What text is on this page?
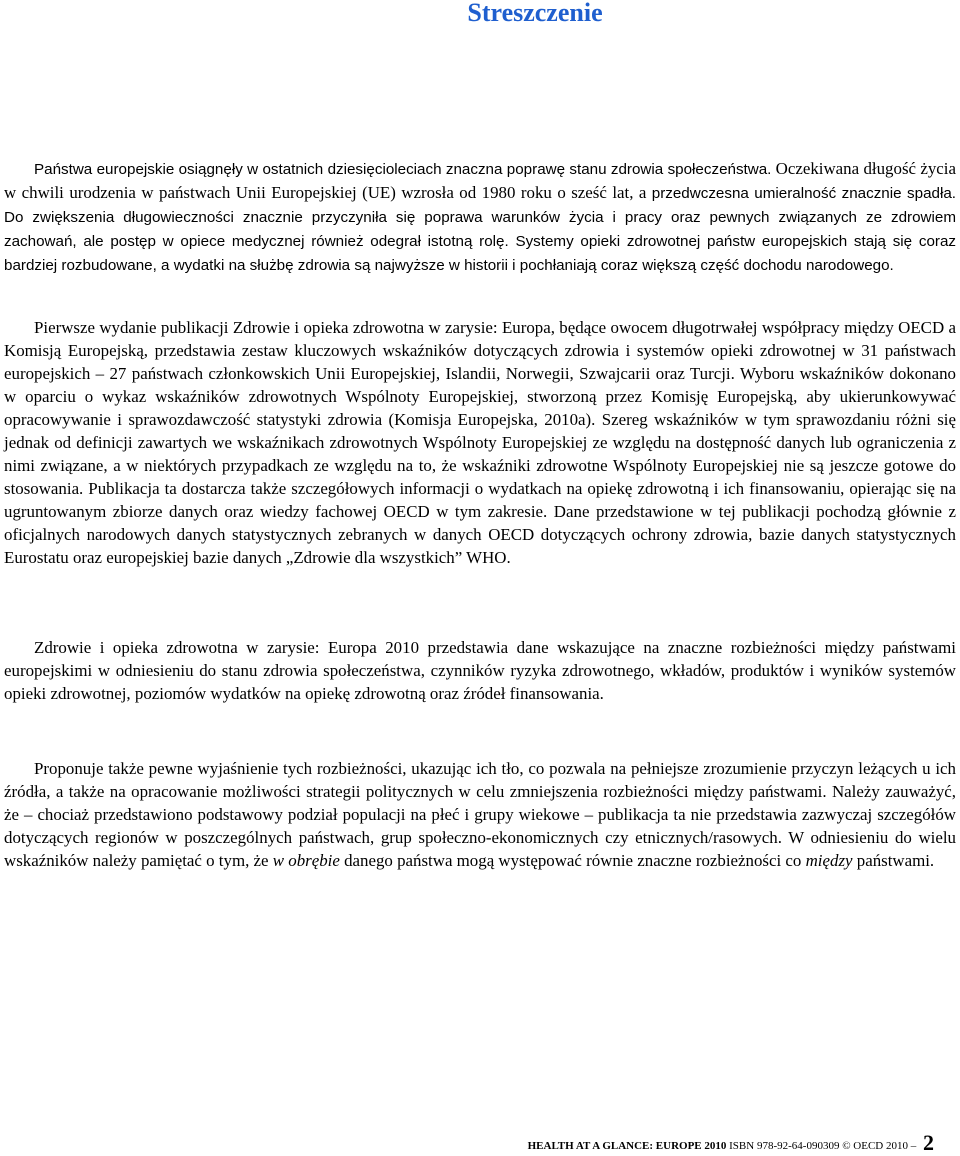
Streszczenie

Państwa europejskie osiągnęły w ostatnich dziesięcioleciach znaczna poprawę stanu zdrowia społeczeństwa. Oczekiwana długość życia w chwili urodzenia w państwach Unii Europejskiej (UE) wzrosła od 1980 roku o sześć lat, a przedwczesna umieralność znacznie spadła. Do zwiększenia długowieczności znacznie przyczyniła się poprawa warunków życia i pracy oraz pewnych związanych ze zdrowiem zachowań, ale postęp w opiece medycznej również odegrał istotną rolę. Systemy opieki zdrowotnej państw europejskich stają się coraz bardziej rozbudowane, a wydatki na służbę zdrowia są najwyższe w historii i pochłaniają coraz większą część dochodu narodowego.

Pierwsze wydanie publikacji Zdrowie i opieka zdrowotna w zarysie: Europa, będące owocem długotrwałej współpracy między OECD a Komisją Europejską, przedstawia zestaw kluczowych wskaźników dotyczących zdrowia i systemów opieki zdrowotnej w 31 państwach europejskich – 27 państwach członkowskich Unii Europejskiej, Islandii, Norwegii, Szwajcarii oraz Turcji. Wyboru wskaźników dokonano w oparciu o wykaz wskaźników zdrowotnych Wspólnoty Europejskiej, stworzoną przez Komisję Europejską, aby ukierunkowywać opracowywanie i sprawozdawczość statystyki zdrowia (Komisja Europejska, 2010a). Szereg wskaźników w tym sprawozdaniu różni się jednak od definicji zawartych we wskaźnikach zdrowotnych Wspólnoty Europejskiej ze względu na dostępność danych lub ograniczenia z nimi związane, a w niektórych przypadkach ze względu na to, że wskaźniki zdrowotne Wspólnoty Europejskiej nie są jeszcze gotowe do stosowania. Publikacja ta dostarcza także szczegółowych informacji o wydatkach na opiekę zdrowotną i ich finansowaniu, opierając się na ugruntowanym zbiorze danych oraz wiedzy fachowej OECD w tym zakresie. Dane przedstawione w tej publikacji pochodzą głównie z oficjalnych narodowych danych statystycznych zebranych w danych OECD dotyczących ochrony zdrowia, bazie danych statystycznych Eurostatu oraz europejskiej bazie danych „Zdrowie dla wszystkich” WHO.

Zdrowie i opieka zdrowotna w zarysie: Europa 2010 przedstawia dane wskazujące na znaczne rozbieżności między państwami europejskimi w odniesieniu do stanu zdrowia społeczeństwa, czynników ryzyka zdrowotnego, wkładów, produktów i wyników systemów opieki zdrowotnej, poziomów wydatków na opiekę zdrowotną oraz źródeł finansowania.

Proponuje także pewne wyjaśnienie tych rozbieżności, ukazując ich tło, co pozwala na pełniejsze zrozumienie przyczyn leżących u ich źródła, a także na opracowanie możliwości strategii politycznych w celu zmniejszenia rozbieżności między państwami. Należy zauważyć, że – chociaż przedstawiono podstawowy podział populacji na płeć i grupy wiekowe – publikacja ta nie przedstawia zazwyczaj szczegółów dotyczących regionów w poszczególnych państwach, grup społeczno-ekonomicznych czy etnicznych/rasowych. W odniesieniu do wielu wskaźników należy pamiętać o tym, że w obrębie danego państwa mogą występować równie znaczne rozbieżności co między państwami.

HEALTH AT A GLANCE: EUROPE 2010 ISBN 978-92-64-090309 © OECD 2010 – 2
